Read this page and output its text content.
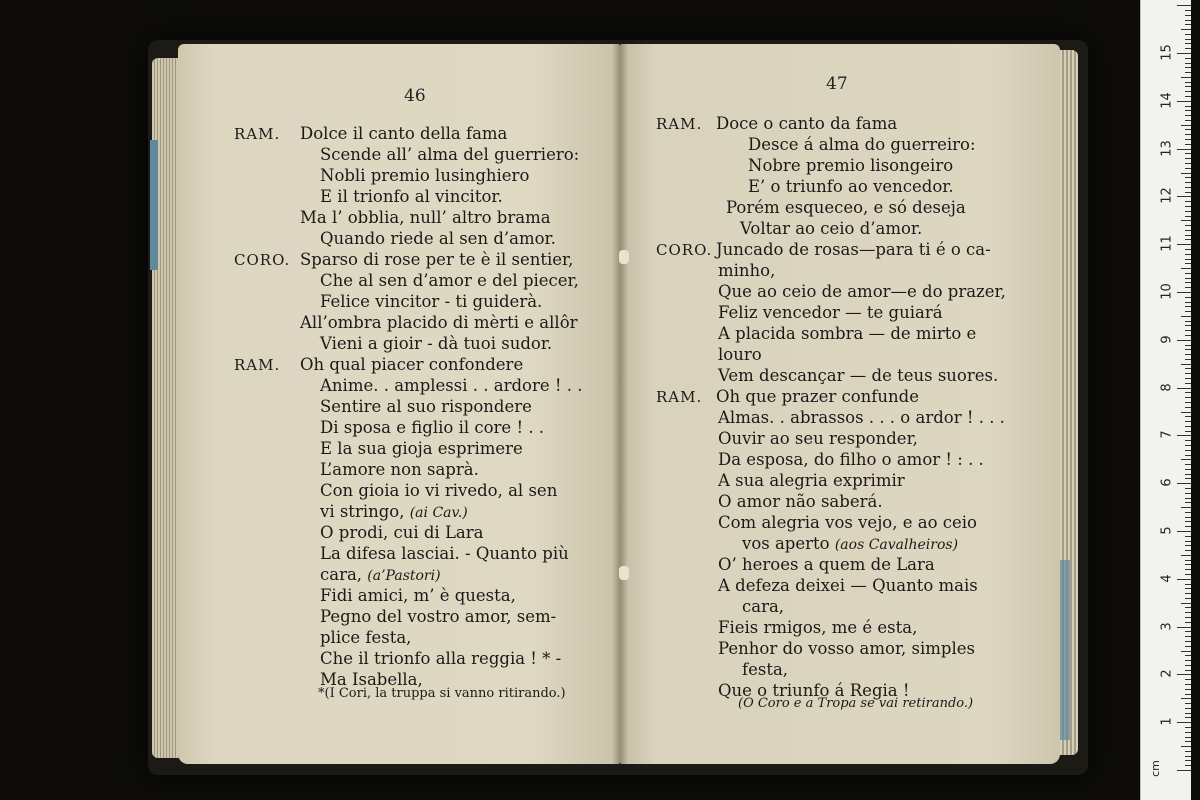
46
RAM. Dolce il canto della fama
Scende all’ alma del guerriero:
Nobli premio lusinghiero
E il trionfo al vincitor.
Ma l’ obblia, null’ altro brama
Quando riede al sen d’amor.
CORO. Sparso di rose per te è il sentier,
Che al sen d’amor e del piecer,
Felice vincitor - ti guiderà.
All’ombra placido di mèrti e allôr
Vieni a gioir - dà tuoi sudor.
RAM. Oh qual piacer confondere
Anime. . amplessi . . ardore ! . .
Sentire al suo rispondere
Di sposa e figlio il core ! . .
E la sua gioja esprimere
L’amore non saprà.
Con gioia io vi rivedo, al sen
vi stringo, (ai Cav.)
O prodi, cui di Lara
La difesa lasciai. - Quanto più
cara, (a’Pastori)
Fidi amici, m’ è questa,
Pegno del vostro amor, sem-
plice festa,
Che il trionfo alla reggia ! * -
Ma Isabella,
*(I Cori, la truppa si vanno ritirando.)
47
RAM. Doce o canto da fama
Desce á alma do guerreiro:
Nobre premio lisongeiro
E’ o triunfo ao vencedor.
Porém esqueceo, e só deseja
Voltar ao ceio d’amor.
CORO. Juncado de rosas—para ti é o ca-
minho,
Que ao ceio de amor—e do prazer,
Feliz vencedor — te guiará
A placida sombra — de mirto e
louro
Vem descançar — de teus suores.
RAM. Oh que prazer confunde
Almas. . abrassos . . . o ardor ! . . .
Ouvir ao seu responder,
Da esposa, do filho o amor ! : . .
A sua alegria exprimir
O amor não saberá.
Com alegria vos vejo, e ao ceio
vos aperto (aos Cavalheiros)
O’ heroes a quem de Lara
A defeza deixei — Quanto mais
cara,
Fieis rmigos, me é esta,
Penhor do vosso amor, simples
festa,
Que o triunfo á Regia !
(O Coro e a Tropa se vai retirando.)
cm
1
2
3
4
5
6
7
8
9
10
11
12
13
14
15
